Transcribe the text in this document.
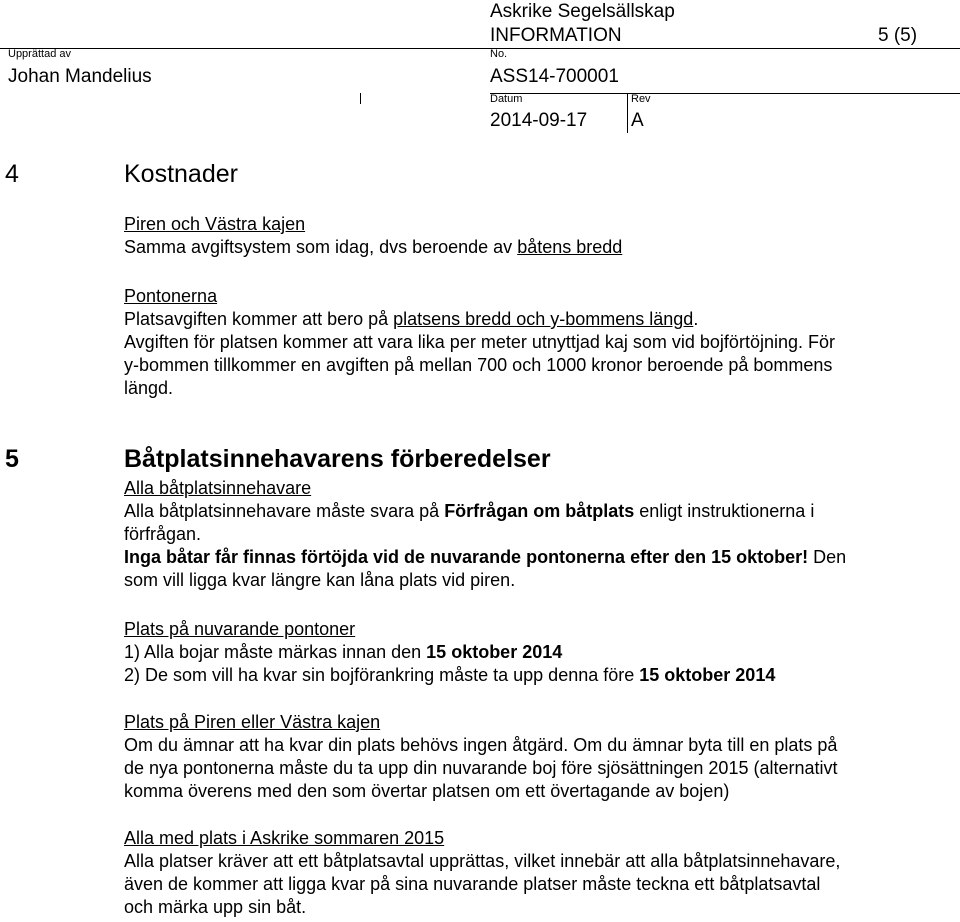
Askrike Segelsällskap
INFORMATION	5 (5)
Upprättad av
Johan Mandelius
No.
ASS14-700001
Datum
2014-09-17
Rev
A
4	Kostnader
Piren och Västra kajen
Samma avgiftsystem som idag, dvs beroende av båtens bredd
Pontonerna
Platsavgiften kommer att bero på platsens bredd och y-bommens längd.
Avgiften för platsen kommer att vara lika per meter utnyttjad kaj som vid bojförtöjning. För
y-bommen tillkommer en avgiften på mellan 700 och 1000 kronor beroende på bommens
längd.
5	Båtplatsinnehavarens förberedelser
Alla båtplatsinnehavare
Alla båtplatsinnehavare måste svara på Förfrågan om båtplats enligt instruktionerna i
förfrågan.
Inga båtar får finnas förtöjda vid de nuvarande pontonerna efter den 15 oktober! Den
som vill ligga kvar längre kan låna plats vid piren.
Plats på nuvarande pontoner
1) Alla bojar måste märkas innan den 15 oktober 2014
2) De som vill ha kvar sin bojförankring måste ta upp denna före 15 oktober 2014
Plats på Piren eller Västra kajen
Om du ämnar att ha kvar din plats behövs ingen åtgärd. Om du ämnar byta till en plats på
de nya pontonerna måste du ta upp din nuvarande boj före sjösättningen 2015 (alternativt
komma överens med den som övertar platsen om ett övertagande av bojen)
Alla med plats i Askrike sommaren 2015
Alla platser kräver att ett båtplatsavtal upprättas, vilket innebär att alla båtplatsinnehavare,
även de kommer att ligga kvar på sina nuvarande platser måste teckna ett båtplatsavtal
och märka upp sin båt.
